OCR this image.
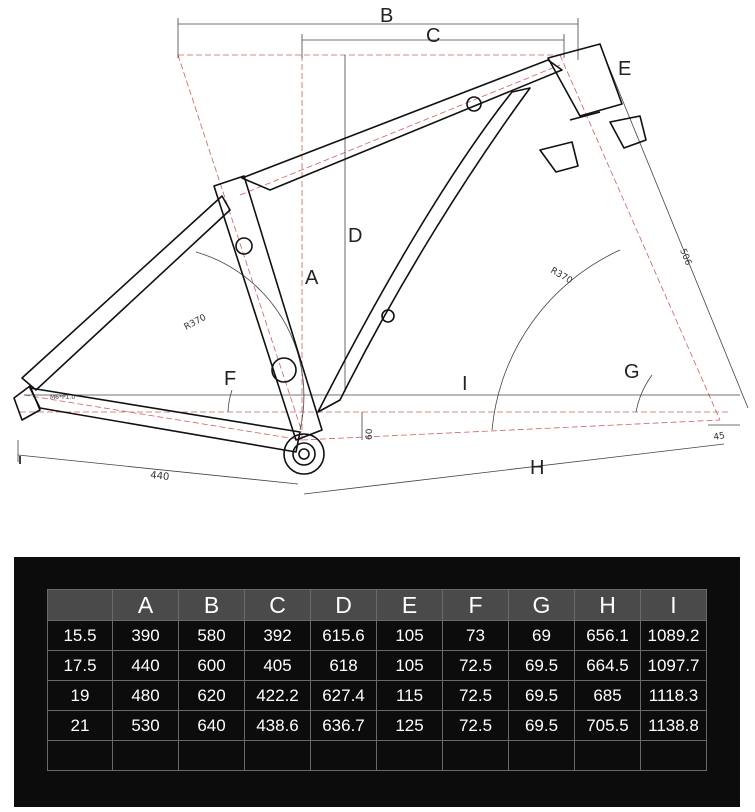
B
C
E
D
A
F	I
G
H
R370
R370
506
60
440
45
M6*P1.0
	A	B	C	D	E	F	G	H	I
15.5	390	580	392	615.6	105	73	69	656.1	1089.2
17.5	440	600	405	618	105	72.5	69.5	664.5	1097.7
19	480	620	422.2	627.4	115	72.5	69.5	685	1118.3
21	530	640	438.6	636.7	125	72.5	69.5	705.5	1138.8
